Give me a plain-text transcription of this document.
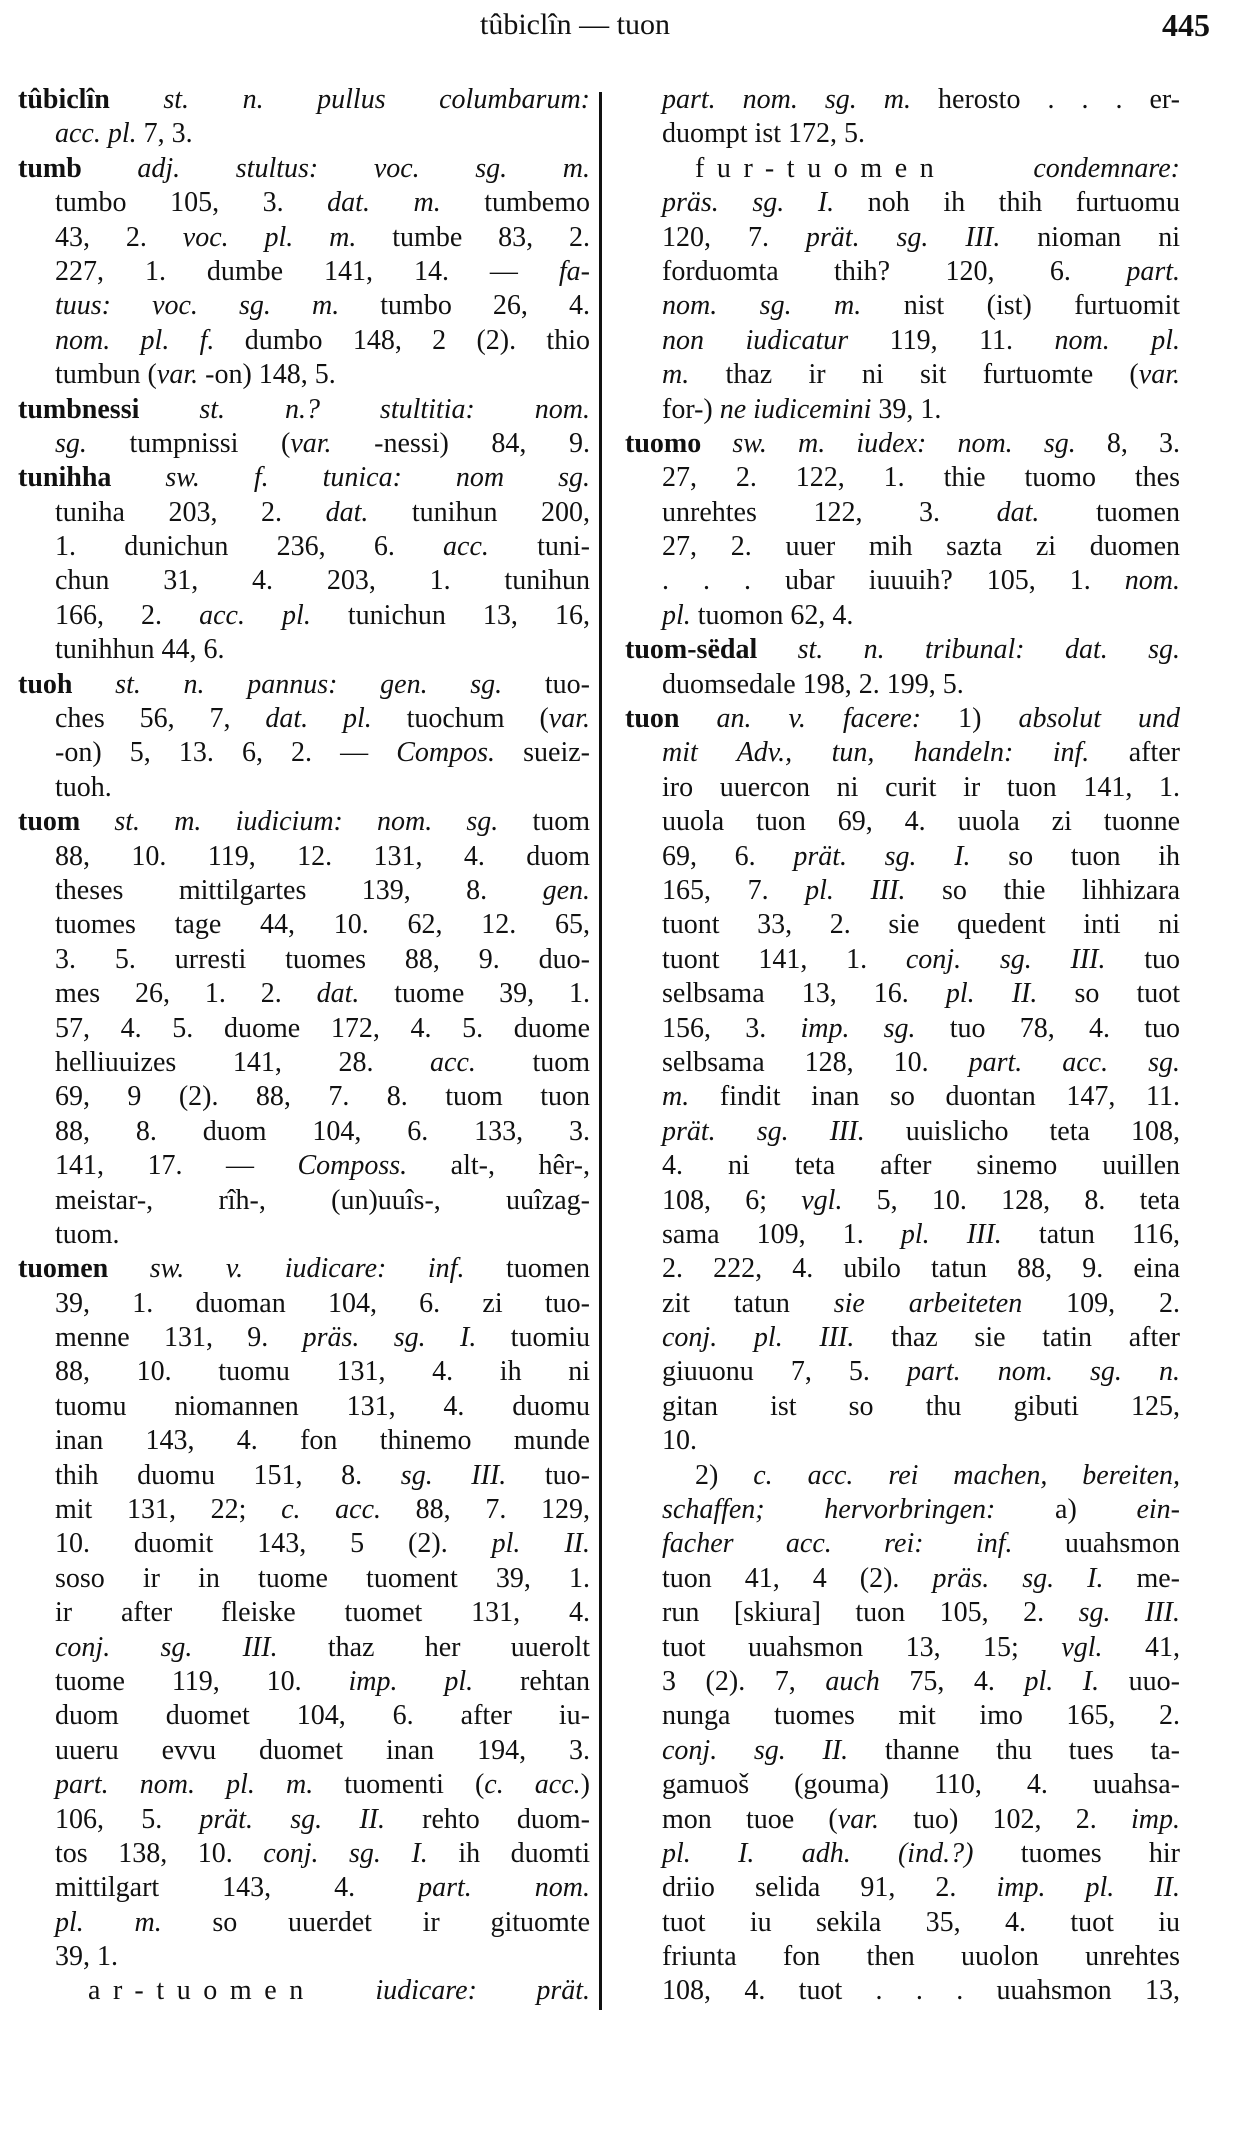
tûbiclîn — tuon	445
tûbiclîn st. n. pullus columbarum:
acc. pl. 7, 3.
tumb adj. stultus: voc. sg. m.
tumbo 105, 3. dat. m. tumbemo
43, 2. voc. pl. m. tumbe 83, 2.
227, 1. dumbe 141, 14. — fa-
tuus: voc. sg. m. tumbo 26, 4.
nom. pl. f. dumbo 148, 2 (2). thio
tumbun (var. -on) 148, 5.
tumbnessi st. n.? stultitia: nom.
sg. tumpnissi (var. -nessi) 84, 9.
tunihha sw. f. tunica: nom sg.
tuniha 203, 2. dat. tunihun 200,
1. dunichun 236, 6. acc. tuni-
chun 31, 4. 203, 1. tunihun
166, 2. acc. pl. tunichun 13, 16,
tunihhun 44, 6.
tuoh st. n. pannus: gen. sg. tuo-
ches 56, 7, dat. pl. tuochum (var.
-on) 5, 13. 6, 2. — Compos. sueiz-
tuoh.
tuom st. m. iudicium: nom. sg. tuom
88, 10. 119, 12. 131, 4. duom
theses mittilgartes 139, 8. gen.
tuomes tage 44, 10. 62, 12. 65,
3. 5. urresti tuomes 88, 9. duo-
mes 26, 1. 2. dat. tuome 39, 1.
57, 4. 5. duome 172, 4. 5. duome
helliuuizes 141, 28. acc. tuom
69, 9 (2). 88, 7. 8. tuom tuon
88, 8. duom 104, 6. 133, 3.
141, 17. — Composs. alt-, hêr-,
meistar-, rîh-, (un)uuîs-, uuîzag-
tuom.
tuomen sw. v. iudicare: inf. tuomen
39, 1. duoman 104, 6. zi tuo-
menne 131, 9. präs. sg. I. tuomiu
88, 10. tuomu 131, 4. ih ni
tuomu niomannen 131, 4. duomu
inan 143, 4. fon thinemo munde
thih duomu 151, 8. sg. III. tuo-
mit 131, 22; c. acc. 88, 7. 129,
10. duomit 143, 5 (2). pl. II.
soso ir in tuome tuoment 39, 1.
ir after fleiske tuomet 131, 4.
conj. sg. III. thaz her uuerolt
tuome 119, 10. imp. pl. rehtan
duom duomet 104, 6. after iu-
uueru evvu duomet inan 194, 3.
part. nom. pl. m. tuomenti (c. acc.)
106, 5. prät. sg. II. rehto duom-
tos 138, 10. conj. sg. I. ih duomti
mittilgart 143, 4. part. nom.
pl. m. so uuerdet ir gituomte
39, 1.
ar-tuomen iudicare: prät.
part. nom. sg. m. herosto . . . er-
duompt ist 172, 5.
fur-tuomen condemnare:
präs. sg. I. noh ih thih furtuomu
120, 7. prät. sg. III. nioman ni
forduomta thih? 120, 6. part.
nom. sg. m. nist (ist) furtuomit
non iudicatur 119, 11. nom. pl.
m. thaz ir ni sit furtuomte (var.
for-) ne iudicemini 39, 1.
tuomo sw. m. iudex: nom. sg. 8, 3.
27, 2. 122, 1. thie tuomo thes
unrehtes 122, 3. dat. tuomen
27, 2. uuer mih sazta zi duomen
. . . ubar iuuuih? 105, 1. nom.
pl. tuomon 62, 4.
tuom-sëdal st. n. tribunal: dat. sg.
duomsedale 198, 2. 199, 5.
tuon an. v. facere: 1) absolut und
mit Adv., tun, handeln: inf. after
iro uuercon ni curit ir tuon 141, 1.
uuola tuon 69, 4. uuola zi tuonne
69, 6. prät. sg. I. so tuon ih
165, 7. pl. III. so thie lihhizara
tuont 33, 2. sie quedent inti ni
tuont 141, 1. conj. sg. III. tuo
selbsama 13, 16. pl. II. so tuot
156, 3. imp. sg. tuo 78, 4. tuo
selbsama 128, 10. part. acc. sg.
m. findit inan so duontan 147, 11.
prät. sg. III. uuislicho teta 108,
4. ni teta after sinemo uuillen
108, 6; vgl. 5, 10. 128, 8. teta
sama 109, 1. pl. III. tatun 116,
2. 222, 4. ubilo tatun 88, 9. eina
zit tatun sie arbeiteten 109, 2.
conj. pl. III. thaz sie tatin after
giuuonu 7, 5. part. nom. sg. n.
gitan ist so thu gibuti 125,
10.
2) c. acc. rei machen, bereiten,
schaffen; hervorbringen: a) ein-
facher acc. rei: inf. uuahsmon
tuon 41, 4 (2). präs. sg. I. me-
run [skiura] tuon 105, 2. sg. III.
tuot uuahsmon 13, 15; vgl. 41,
3 (2). 7, auch 75, 4. pl. I. uuo-
nunga tuomes mit imo 165, 2.
conj. sg. II. thanne thu tues ta-
gamuoš (gouma) 110, 4. uuahsa-
mon tuoe (var. tuo) 102, 2. imp.
pl. I. adh. (ind.?) tuomes hir
driio selida 91, 2. imp. pl. II.
tuot iu sekila 35, 4. tuot iu
friunta fon then uuolon unrehtes
108, 4. tuot . . . uuahsmon 13,
